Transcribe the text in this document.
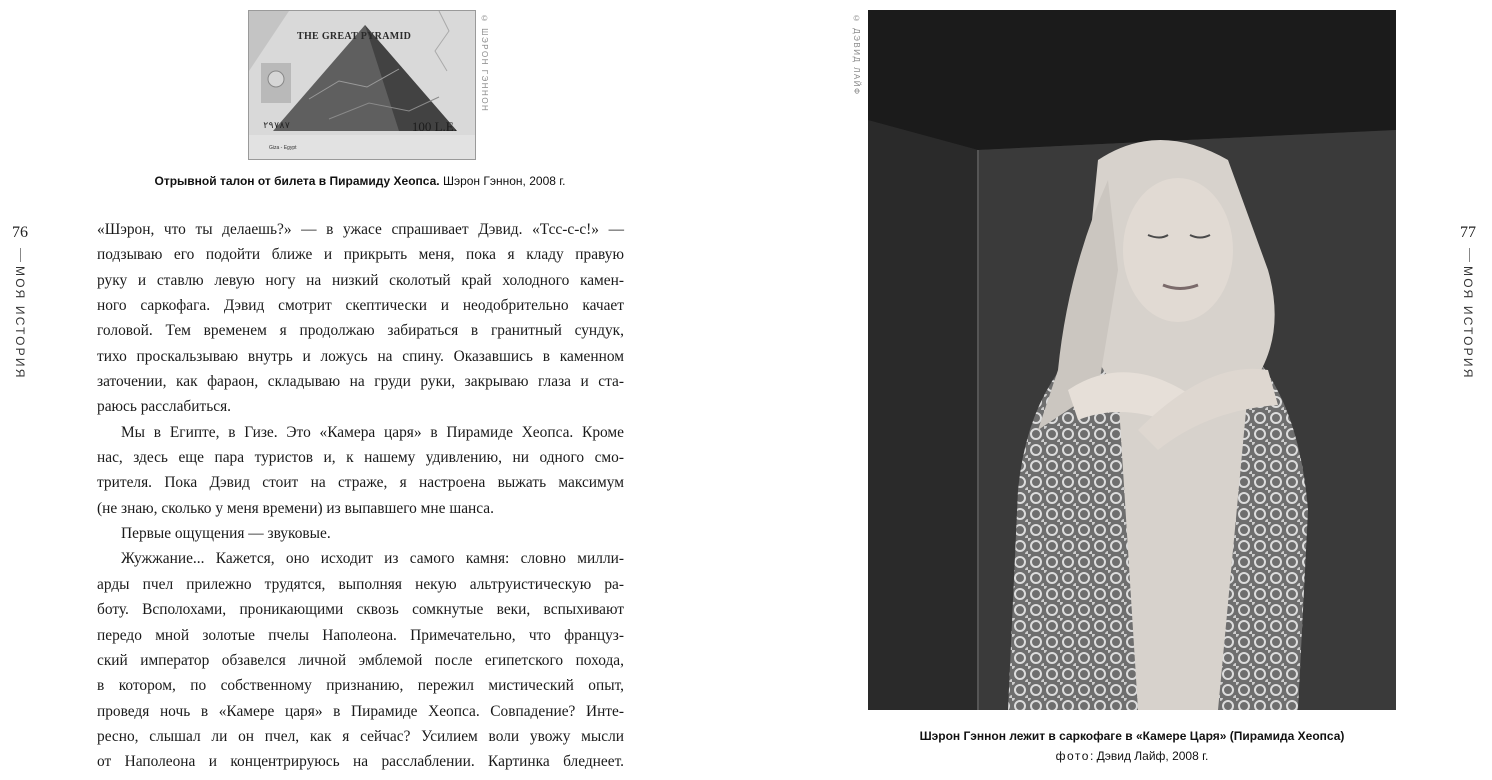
THE GREAT PYRAMID
100 L.E.
٢٩٧٨٧
Giza - Egypt
© ШЭРОН ГЭННОН
Отрывной талон от билета в Пирамиду Хеопса. Шэрон Гэннон, 2008 г.
76
МОЯ ИСТОРИЯ
«Шэрон, что ты делаешь?» — в ужасе спрашивает Дэвид. «Тсс-с-с!» —
подзываю его подойти ближе и прикрыть меня, пока я кладу правую
руку и ставлю левую ногу на низкий сколотый край холодного камен-
ного саркофага. Дэвид смотрит скептически и неодобрительно качает
головой. Тем временем я продолжаю забираться в гранитный сундук,
тихо проскальзываю внутрь и ложусь на спину. Оказавшись в каменном
заточении, как фараон, складываю на груди руки, закрываю глаза и ста-
раюсь расслабиться.
Мы в Египте, в Гизе. Это «Камера царя» в Пирамиде Хеопса. Кроме
нас, здесь еще пара туристов и, к нашему удивлению, ни одного смо-
трителя. Пока Дэвид стоит на страже, я настроена выжать максимум
(не знаю, сколько у меня времени) из выпавшего мне шанса.
Первые ощущения — звуковые.
Жужжание... Кажется, оно исходит из самого камня: словно милли-
арды пчел прилежно трудятся, выполняя некую альтруистическую ра-
боту. Всполохами, проникающими сквозь сомкнутые веки, вспыхивают
передо мной золотые пчелы Наполеона. Примечательно, что француз-
ский император обзавелся личной эмблемой после египетского похода,
в котором, по собственному признанию, пережил мистический опыт,
проведя ночь в «Камере царя» в Пирамиде Хеопса. Совпадение? Инте-
ресно, слышал ли он пчел, как я сейчас? Усилием воли увожу мысли
от Наполеона и концентрируюсь на расслаблении. Картинка бледнеет.
© ДЭВИД ЛАЙФ
77
МОЯ ИСТОРИЯ
Шэрон Гэннон лежит в саркофаге в «Камере Царя» (Пирамида Хеопса)
фото: Дэвид Лайф, 2008 г.
